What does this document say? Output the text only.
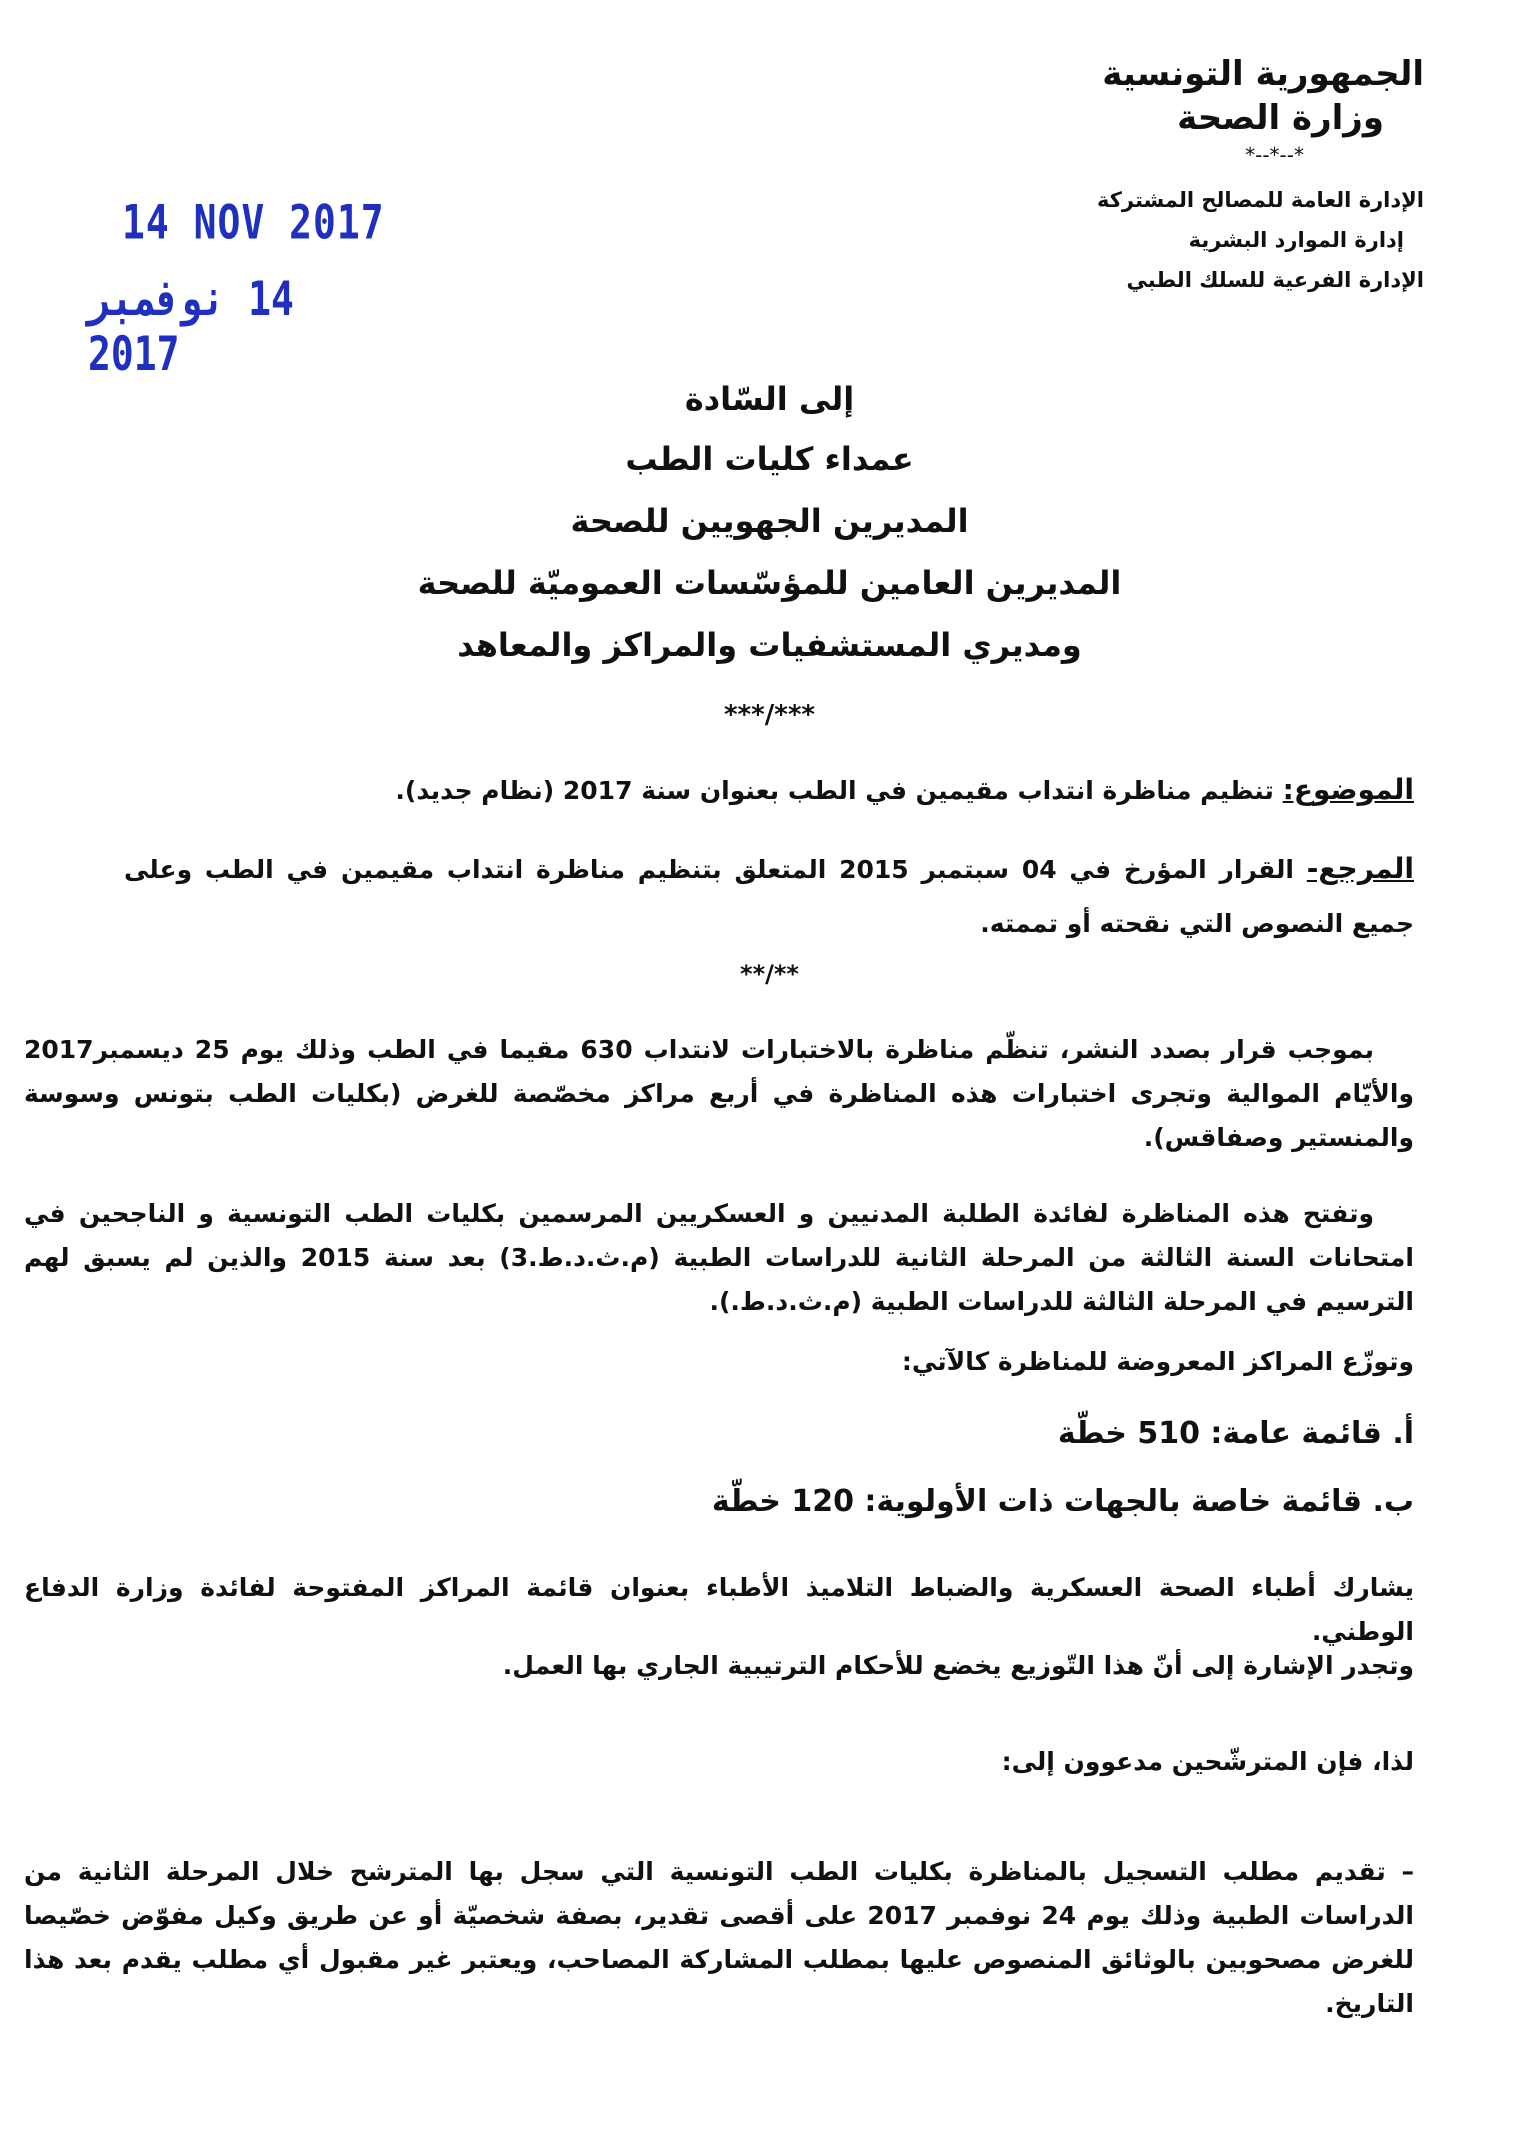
الجمهورية التونسية
وزارة الصحة
*--*--*
الإدارة العامة للمصالح المشتركة
إدارة الموارد البشرية
الإدارة الفرعية للسلك الطبي
14 NOV 2017
14 نوفمبر 2017
إلى السّادة
عمداء كليات الطب
المديرين الجهويين للصحة
المديرين العامين للمؤسّسات العموميّة للصحة
ومديري المستشفيات والمراكز والمعاهد
***/***
الموضوع: تنظيم مناظرة انتداب مقيمين في الطب بعنوان سنة 2017 (نظام جديد).
المرجع- القرار المؤرخ في 04 سبتمبر 2015 المتعلق بتنظيم مناظرة انتداب مقيمين في الطب وعلى جميع النصوص التي نقحته أو تممته.
**/**
بموجب قرار بصدد النشر، تنظّم مناظرة بالاختبارات لانتداب 630 مقيما في الطب وذلك يوم 25 ديسمبر2017 والأيّام الموالية وتجرى اختبارات هذه المناظرة في أربع مراكز مخصّصة للغرض (بكليات الطب بتونس وسوسة والمنستير وصفاقس).
وتفتح هذه المناظرة لفائدة الطلبة المدنيين و العسكريين المرسمين بكليات الطب التونسية و الناجحين في امتحانات السنة الثالثة من المرحلة الثانية للدراسات الطبية (م.ث.د.ط.3) بعد سنة 2015 والذين لم يسبق لهم الترسيم في المرحلة الثالثة للدراسات الطبية (م.ث.د.ط.).
وتوزّع المراكز المعروضة للمناظرة كالآتي:
أ. قائمة عامة: 510 خطّة
ب. قائمة خاصة بالجهات ذات الأولوية: 120 خطّة
يشارك أطباء الصحة العسكرية والضباط التلاميذ الأطباء بعنوان قائمة المراكز المفتوحة لفائدة وزارة الدفاع الوطني.
وتجدر الإشارة إلى أنّ هذا التّوزيع يخضع للأحكام الترتيبية الجاري بها العمل.
لذا، فإن المترشّحين مدعوون إلى:
– تقديم مطلب التسجيل بالمناظرة بكليات الطب التونسية التي سجل بها المترشح خلال المرحلة الثانية من الدراسات الطبية وذلك يوم 24 نوفمبر 2017 على أقصى تقدير، بصفة شخصيّة أو عن طريق وكيل مفوّض خصّيصا للغرض مصحوبين بالوثائق المنصوص عليها بمطلب المشاركة المصاحب، ويعتبر غير مقبول أي مطلب يقدم بعد هذا التاريخ.
